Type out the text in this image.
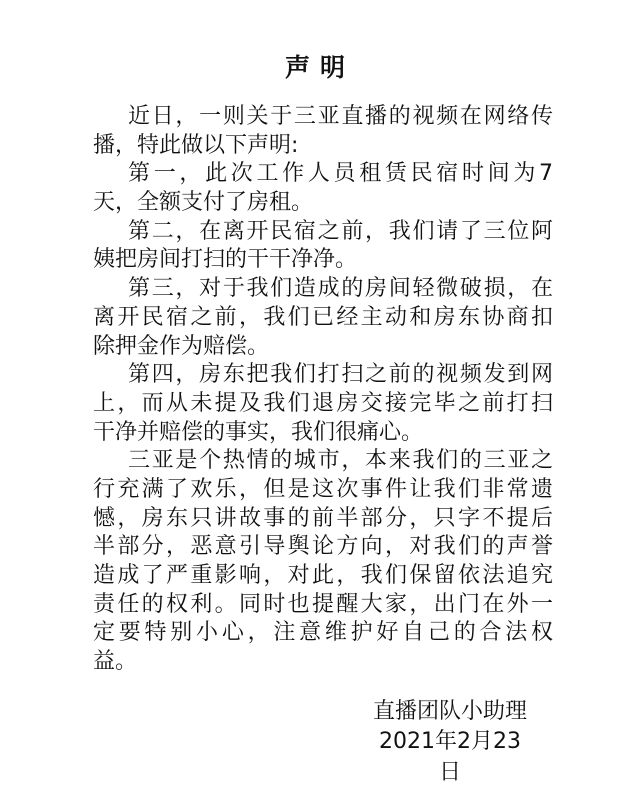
声明
近日，一则关于三亚直播的视频在网络传
播，特此做以下声明:
第一，此次工作人员租赁民宿时间为7
天，全额支付了房租。
第二，在离开民宿之前，我们请了三位阿
姨把房间打扫的干干净净。
第三，对于我们造成的房间轻微破损，在
离开民宿之前，我们已经主动和房东协商扣
除押金作为赔偿。
第四，房东把我们打扫之前的视频发到网
上，而从未提及我们退房交接完毕之前打扫
干净并赔偿的事实，我们很痛心。
三亚是个热情的城市，本来我们的三亚之
行充满了欢乐，但是这次事件让我们非常遗
憾，房东只讲故事的前半部分，只字不提后
半部分，恶意引导舆论方向，对我们的声誉
造成了严重影响，对此，我们保留依法追究
责任的权利。同时也提醒大家，出门在外一
定要特别小心，注意维护好自己的合法权
益。
直播团队小助理
2021年2月23日
